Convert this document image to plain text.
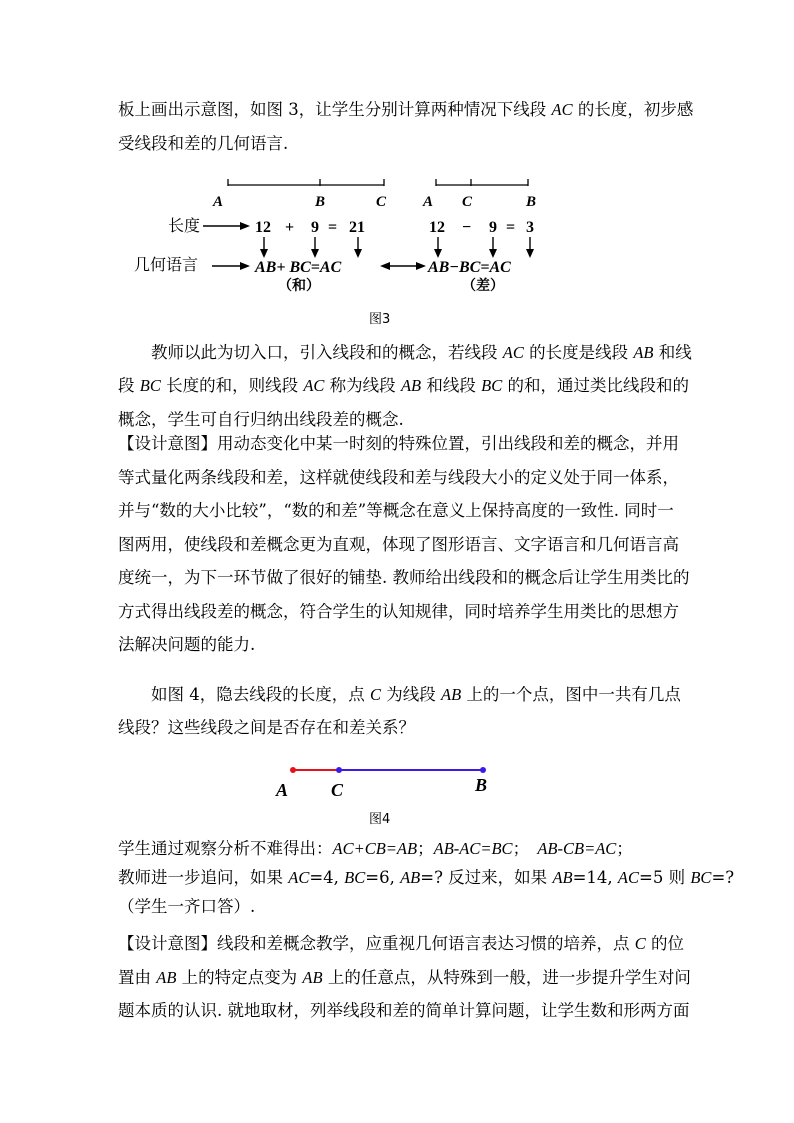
板上画出示意图，如图 3，让学生分别计算两种情况下线段 AC 的长度，初步感
受线段和差的几何语言.

A	B	C A C	B
长度	12 + 9 = 21	12 − 9 = 3
几何语言	AB+ BC=AC	AB−BC=AC
（和）	（差）
图3

教师以此为切入口，引入线段和的概念，若线段 AC 的长度是线段 AB 和线

段 BC 长度的和，则线段 AC 称为线段 AB 和线段 BC 的和，通过类比线段和的
概念，学生可自行归纳出线段差的概念.

【设计意图】用动态变化中某一时刻的特殊位置，引出线段和差的概念，并用
等式量化两条线段和差，这样就使线段和差与线段大小的定义处于同一体系，
并与“数的大小比较”，“数的和差”等概念在意义上保持高度的一致性. 同时一
图两用，使线段和差概念更为直观，体现了图形语言、文字语言和几何语言高
度统一，为下一环节做了很好的铺垫. 教师给出线段和的概念后让学生用类比的
方式得出线段差的概念，符合学生的认知规律，同时培养学生用类比的思想方
法解决问题的能力.

如图 4，隐去线段的长度，点 C 为线段 AB 上的一个点，图中一共有几点

线段？这些线段之间是否存在和差关系？

A C	B
图4

学生通过观察分析不难得出：AC+CB=AB；AB-AC=BC；　AB-CB=AC；
教师进一步追问，如果 AC=4, BC=6, AB=? 反过来，如果 AB=14, AC=5 则 BC=?
（学生一齐口答）.

【设计意图】线段和差概念教学，应重视几何语言表达习惯的培养，点 C 的位
置由 AB 上的特定点变为 AB 上的任意点，从特殊到一般，进一步提升学生对问
题本质的认识. 就地取材，列举线段和差的简单计算问题，让学生数和形两方面
